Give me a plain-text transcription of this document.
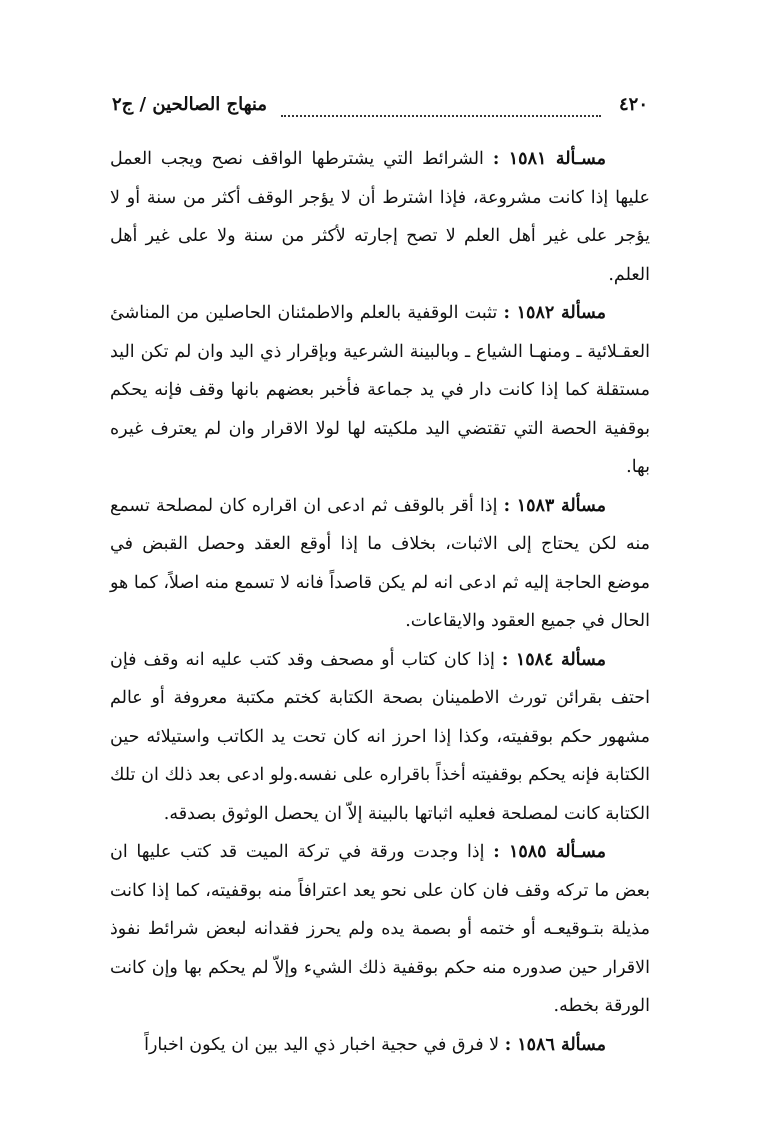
٤٢٠
منهاج الصالحين / ج٢

مسـألة ١٥٨١ : الشرائط التي يشترطها الواقف نصح ويجب العمل عليها إذا كانت مشروعة، فإذا اشترط أن لا يؤجر الوقف أكثر من سنة أو لا يؤجر على غير أهل العلم لا تصح إجارته لأكثر من سنة ولا على غير أهل العلم.

مسألة ١٥٨٢ : تثبت الوقفية بالعلم والاطمئنان الحاصلين من المناشئ العقـلائية ـ ومنهـا الشياع ـ وبالبينة الشرعية وبإقرار ذي اليد وان لم تكن اليد مستقلة كما إذا كانت دار في يد جماعة فأخبر بعضهم بانها وقف فإنه يحكم بوقفية الحصة التي تقتضي اليد ملكيته لها لولا الاقرار وان لم يعترف غيره بها.

مسألة ١٥٨٣ : إذا أقر بالوقف ثم ادعى ان اقراره كان لمصلحة تسمع منه لكن يحتاج إلى الاثبات، بخلاف ما إذا أوقع العقد وحصل القبض في موضع الحاجة إليه ثم ادعى انه لم يكن قاصداً فانه لا تسمع منه اصلاً، كما هو الحال في جميع العقود والايقاعات.

مسألة ١٥٨٤ : إذا كان كتاب أو مصحف وقد كتب عليه انه وقف فإن احتف بقرائن تورث الاطمينان بصحة الكتابة كختم مكتبة معروفة أو عالم مشهور حكم بوقفيته، وكذا إذا احرز انه كان تحت يد الكاتب واستيلائه حين الكتابة فإنه يحكم بوقفيته أخذاً باقراره على نفسه.ولو ادعى بعد ذلك ان تلك الكتابة كانت لمصلحة فعليه اثباتها بالبينة إلاّ ان يحصل الوثوق بصدقه.

مسـألة ١٥٨٥ : إذا وجدت ورقة في تركة الميت قد كتب عليها ان بعض ما تركه وقف فان كان على نحو يعد اعترافاً منه بوقفيته، كما إذا كانت مذيلة بتـوقيعـه أو ختمه أو بصمة يده ولم يحرز فقدانه لبعض شرائط نفوذ الاقرار حين صدوره منه حكم بوقفية ذلك الشيء وإلاّ لم يحكم بها وإن كانت الورقة بخطه.

مسألة ١٥٨٦ : لا فرق في حجية اخبار ذي اليد بين ان يكون اخباراً
